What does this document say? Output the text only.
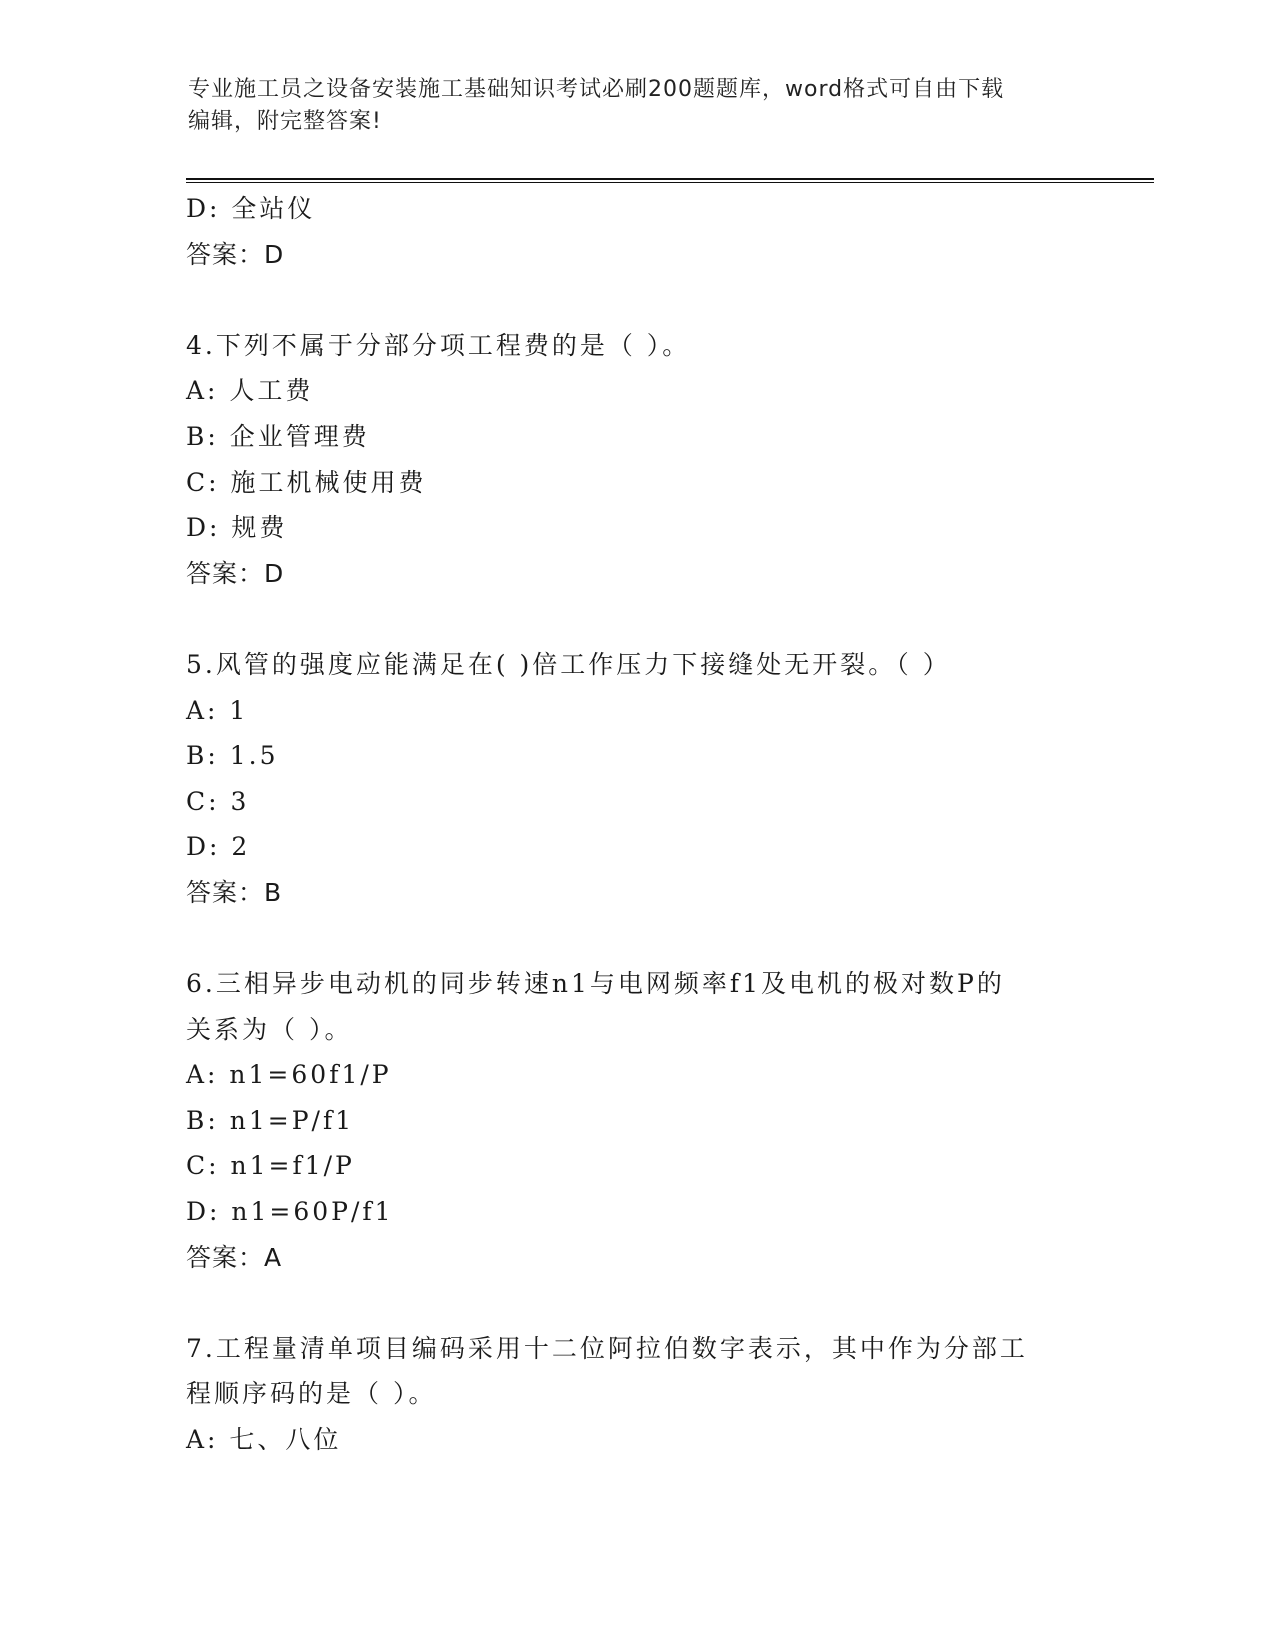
专业施工员之设备安装施工基础知识考试必刷200题题库，word格式可自由下载
编辑，附完整答案!
D: 全站仪
答案：D
4.下列不属于分部分项工程费的是（ ）。
A: 人工费
B: 企业管理费
C: 施工机械使用费
D: 规费
答案：D
5.风管的强度应能满足在( )倍工作压力下接缝处无开裂。（ ）
A: 1
B: 1.5
C: 3
D: 2
答案：B
6.三相异步电动机的同步转速n1与电网频率f1及电机的极对数P的
关系为（ ）。
A: n1=60f1/P
B: n1=P/f1
C: n1=f1/P
D: n1=60P/f1
答案：A
7.工程量清单项目编码采用十二位阿拉伯数字表示，其中作为分部工
程顺序码的是（ ）。
A: 七、八位
